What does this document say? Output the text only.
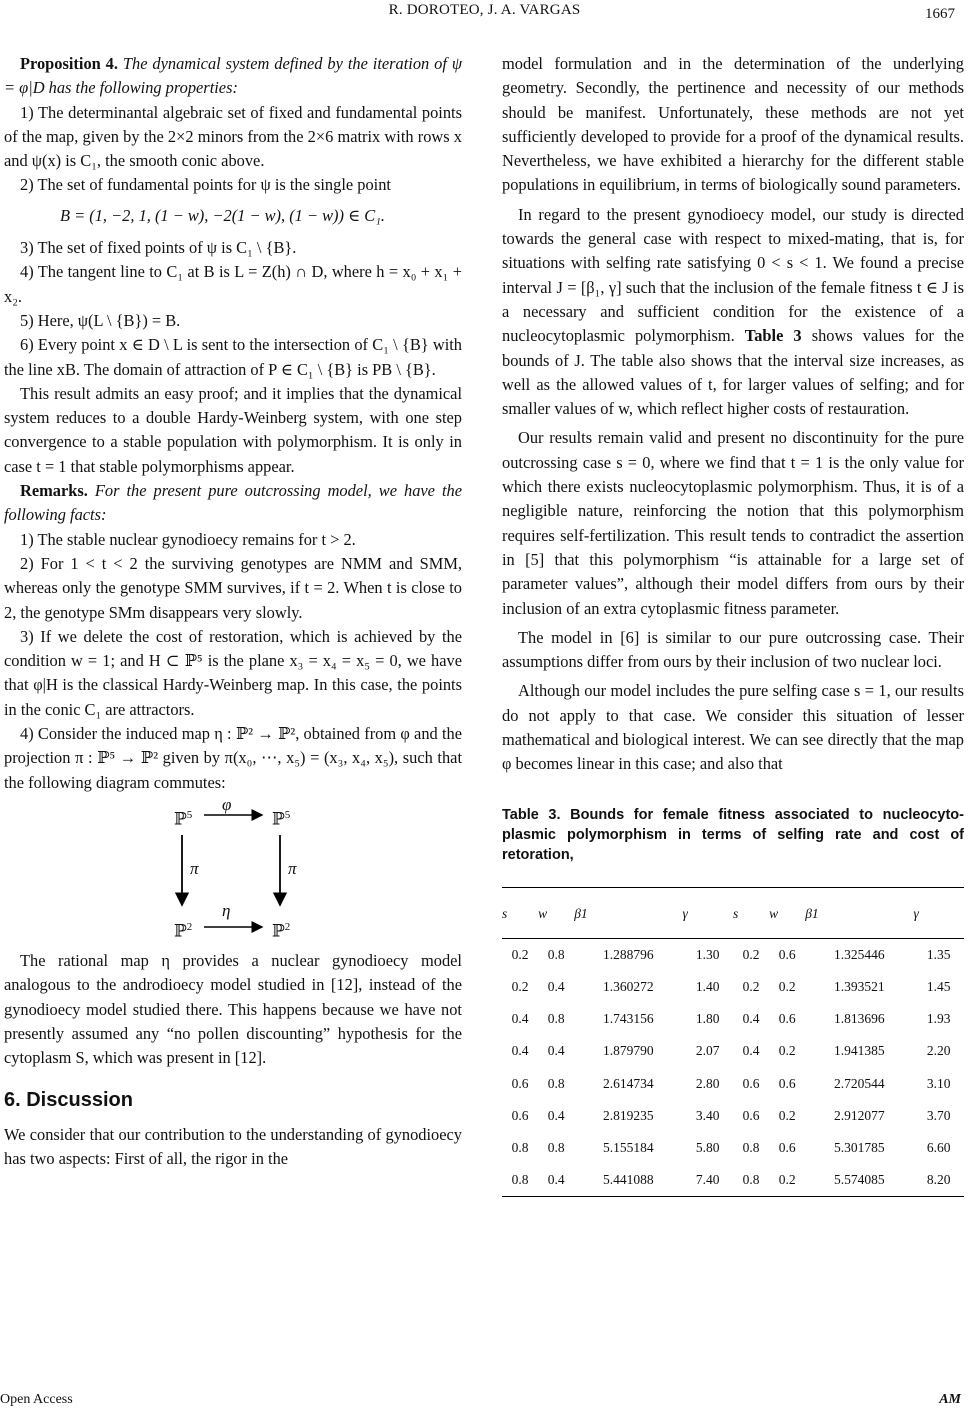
R. DOROTEO, J. A. VARGAS	1667

Proposition 4. The dynamical system defined by the iteration of ψ = φ|D has the following properties:

1) The determinantal algebraic set of fixed and fundamental points of the map, given by the 2×2 minors from the 2×6 matrix with rows x and ψ(x) is C₁, the smooth conic above.

2) The set of fundamental points for ψ is the single point

B = (1, −2, 1, (1 − w), −2(1 − w), (1 − w)) ∈ C₁.

3) The set of fixed points of ψ is C₁ \ {B}.

4) The tangent line to C₁ at B is L = Z(h) ∩ D, where h = x₀ + x₁ + x₂.

5) Here, ψ(L \ {B}) = B.

6) Every point x ∈ D \ L is sent to the intersection of C₁ \ {B} with the line xB. The domain of attraction of P ∈ C₁ \ {B} is PB \ {B}.

This result admits an easy proof; and it implies that the dynamical system reduces to a double Hardy-Weinberg system, with one step convergence to a stable population with polymorphism. It is only in case t = 1 that stable polymorphisms appear.

Remarks. For the present pure outcrossing model, we have the following facts:

1) The stable nuclear gynodioecy remains for t > 2.

2) For 1 < t < 2 the surviving genotypes are NMM and SMM, whereas only the genotype SMM survives, if t = 2. When t is close to 2, the genotype SMm disappears very slowly.

3) If we delete the cost of restoration, which is achieved by the condition w = 1; and H ⊂ ℙ⁵ is the plane x₃ = x₄ = x₅ = 0, we have that φ|H is the classical Hardy-Weinberg map. In this case, the points in the conic C₁ are attractors.

4) Consider the induced map η : ℙ² → ℙ², obtained from φ and the projection π : ℙ⁵ → ℙ² given by π(x₀, ⋯, x₅) = (x₃, x₄, x₅), such that the following diagram commutes:

ℙ$^5$	ℙ$^5$
ℙ$^2$	ℙ$^2$
φ
η
π	π

The rational map η provides a nuclear gynodioecy model analogous to the androdioecy model studied in [12], instead of the gynodioecy model studied there. This happens because we have not presently assumed any “no pollen discounting” hypothesis for the cytoplasm S, which was present in [12].

6. Discussion

We consider that our contribution to the understanding of gynodioecy has two aspects: First of all, the rigor in the

model formulation and in the determination of the underlying geometry. Secondly, the pertinence and necessity of our methods should be manifest. Unfortunately, these methods are not yet sufficiently developed to provide for a proof of the dynamical results. Nevertheless, we have exhibited a hierarchy for the different stable populations in equilibrium, in terms of biologically sound parameters.

In regard to the present gynodioecy model, our study is directed towards the general case with respect to mixed-mating, that is, for situations with selfing rate satisfying 0 < s < 1. We found a precise interval J = [β₁, γ] such that the inclusion of the female fitness t ∈ J is a necessary and sufficient condition for the existence of a nucleocytoplasmic polymorphism. Table 3 shows values for the bounds of J. The table also shows that the interval size increases, as well as the allowed values of t, for larger values of selfing; and for smaller values of w, which reflect higher costs of restauration.

Our results remain valid and present no discontinuity for the pure outcrossing case s = 0, where we find that t = 1 is the only value for which there exists nucleocytoplasmic polymorphism. Thus, it is of a negligible nature, reinforcing the notion that this polymorphism requires self-fertilization. This result tends to contradict the assertion in [5] that this polymorphism “is attainable for a large set of parameter values”, although their model differs from ours by their inclusion of an extra cytoplasmic fitness parameter.

The model in [6] is similar to our pure outcrossing case. Their assumptions differ from ours by their inclusion of two nuclear loci.

Although our model includes the pure selfing case s = 1, our results do not apply to that case. We consider this situation of lesser mathematical and biological interest. We can see directly that the map φ becomes linear in this case; and also that

Table 3. Bounds for female fitness associated to nucleocyto-plasmic polymorphism in terms of selfing rate and cost of retoration,
s	w	β1	γ	s	w	β1	γ
0.2	0.8	1.288796	1.30	0.2	0.6	1.325446	1.35
0.2	0.4	1.360272	1.40	0.2	0.2	1.393521	1.45
0.4	0.8	1.743156	1.80	0.4	0.6	1.813696	1.93
0.4	0.4	1.879790	2.07	0.4	0.2	1.941385	2.20
0.6	0.8	2.614734	2.80	0.6	0.6	2.720544	3.10
0.6	0.4	2.819235	3.40	0.6	0.2	2.912077	3.70
0.8	0.8	5.155184	5.80	0.8	0.6	5.301785	6.60
0.8	0.4	5.441088	7.40	0.8	0.2	5.574085	8.20
Open Access	AM
